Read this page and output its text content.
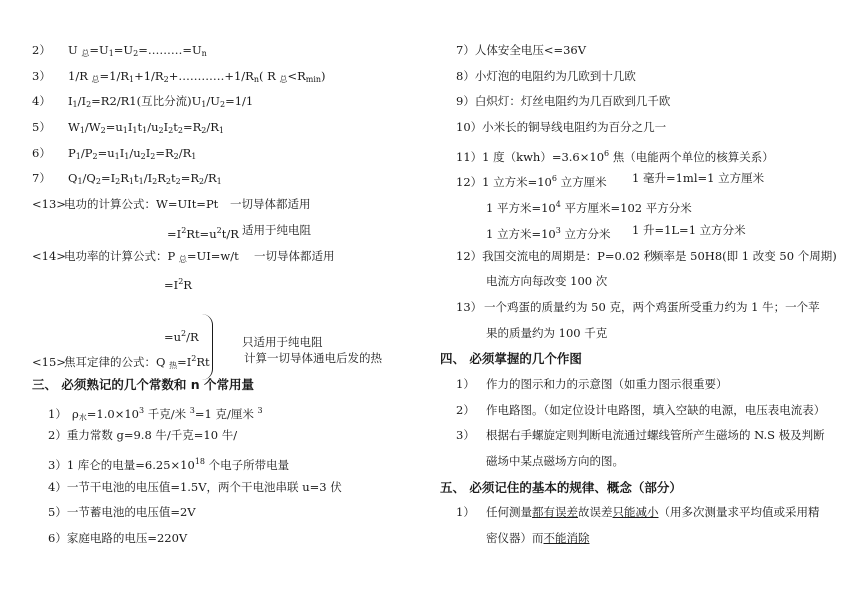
2） U $_总=U_1=U_2=\dots\dots\dots=U_n$
3） 1/R $_总=1/R_1+1/R_2+\dots\dots\dots\dots+1/R_n$( R $_总<R_{min}$)
4） $I_1/I_2=R2/R1$(互比分流)$U_1/U_2=1/1$
5） $W_1/W_2=u_1I_1t_1/u_2I_2t_2=R_2/R_1$
6） $P_1/P_2=u_1I_1/u_2I_2=R_2/R_1$
7） $Q_1/Q_2=I_2R_1t_1/I_2R_2t_2=R_2/R_1$
<13>电功的计算公式：W=UIt=Pt 一切导体都适用
$=I^2Rt=u^2t/R$ 适用于纯电阻
<14>电功率的计算公式：P $_总$=UI=w/t 一切导体都适用
$=I^2R$
$=u^2/R$
<15>焦耳定律的公式：Q $_热=I^2Rt$	计算一切导体通电后发的热
三、 必须熟记的几个常数和 n 个常用量
1） $\rho_水=1.0\times 10^3$ 千克/米 $^3$=1 克/厘米 $^3$
2）重力常数 g=9.8 牛/千克=10 牛/
3）1 库仑的电量$=6.25\times 10^{18}$ 个电子所带电量
4）一节干电池的电压值=1.5V，两个干电池串联 u=3 伏
5）一节蓄电池的电压值=2V
6）家庭电路的电压=220V
只适用于纯电阻
7）人体安全电压<=36V
8）小灯泡的电阻约为几欧到十几欧
9）白炽灯：灯丝电阻约为几百欧到几千欧
10）小米长的铜导线电阻约为百分之几一
11）1 度$(kwh)=3.6\times 10^6$ 焦（电能两个单位的核算关系）
12）1 立方米$=10^6$ 立方厘米 1 毫升=1ml=1 立方厘米
1 平方米$=10^4$ 平方厘米=102 平方分米
1 立方米$=10^3$ 立方分米 1 升=1L=1 立方分米
12）我国交流电的周期是：P=0.02 秒
频率是 50H8(即 1 改变 50 个周期)
电流方向每改变 100 次
13） 一个鸡蛋的质量约为 50 克，两个鸡蛋所受重力约为 1 牛；一个苹
果的质量约为 100 千克
四、 必须掌握的几个作图
1） 作力的图示和力的示意图（如重力图示很重要）
2） 作电路图。（如定位设计电路图，填入空缺的电源，电压表电流表）
3） 根据右手螺旋定则判断电流通过螺线管所产生磁场的 N.S 极及判断
磁场中某点磁场方向的图。
五、 必须记住的基本的规律、概念（部分）
1） 任何测量都有误差故误差只能减小（用多次测量求平均值或采用精
密仪器）而不能消除
